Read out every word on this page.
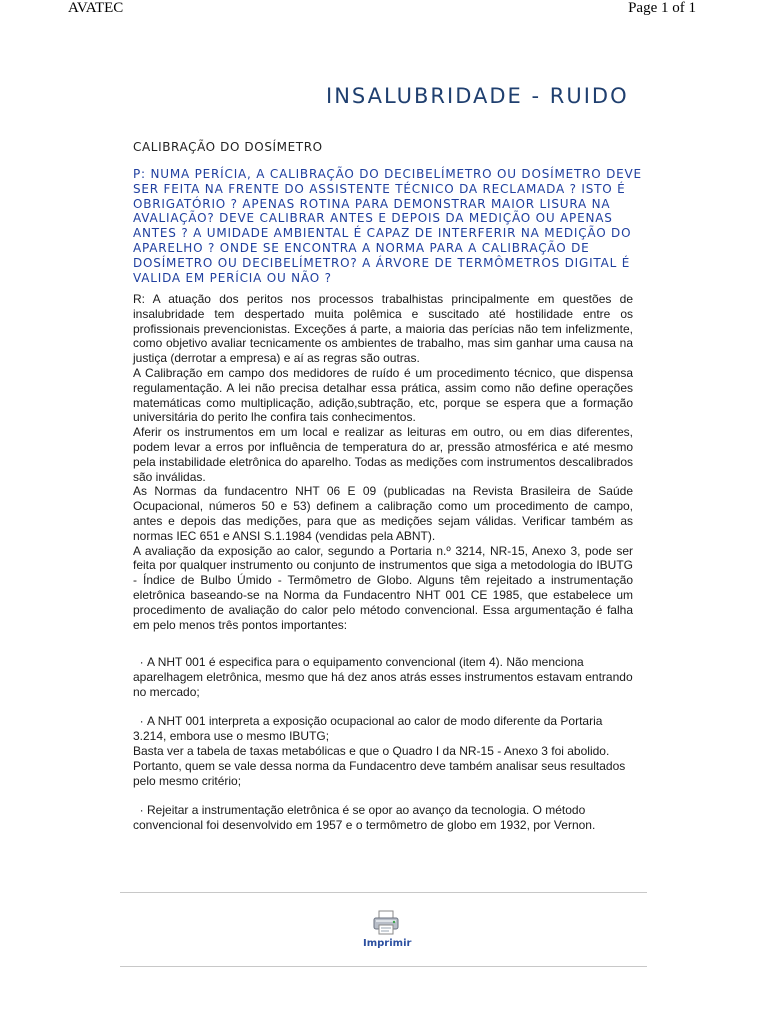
AVATEC	Page 1 of 1
INSALUBRIDADE - RUIDO
CALIBRAÇÃO DO DOSÍMETRO
P: NUMA PERÍCIA, A CALIBRAÇÃO DO DECIBELÍMETRO OU DOSÍMETRO DEVE SER FEITA NA FRENTE DO ASSISTENTE TÉCNICO DA RECLAMADA ? ISTO É OBRIGATÓRIO ? APENAS ROTINA PARA DEMONSTRAR MAIOR LISURA NA AVALIAÇÃO? DEVE CALIBRAR ANTES E DEPOIS DA MEDIÇÃO OU APENAS ANTES ? A UMIDADE AMBIENTAL É CAPAZ DE INTERFERIR NA MEDIÇÃO DO APARELHO ? ONDE SE ENCONTRA A NORMA PARA A CALIBRAÇÃO DE DOSÍMETRO OU DECIBELÍMETRO? A ÁRVORE DE TERMÔMETROS DIGITAL É VALIDA EM PERÍCIA OU NÃO ?

R: A atuação dos peritos nos processos trabalhistas principalmente em questões de insalubridade tem despertado muita polêmica e suscitado até hostilidade entre os profissionais prevencionistas. Exceções á parte, a maioria das perícias não tem infelizmente, como objetivo avaliar tecnicamente os ambientes de trabalho, mas sim ganhar uma causa na justiça (derrotar a empresa) e aí as regras são outras.

A Calibração em campo dos medidores de ruído é um procedimento técnico, que dispensa regulamentação. A lei não precisa detalhar essa prática, assim como não define operações matemáticas como multiplicação, adição,subtração, etc, porque se espera que a formação universitária do perito lhe confira tais conhecimentos.

Aferir os instrumentos em um local e realizar as leituras em outro, ou em dias diferentes, podem levar a erros por influência de temperatura do ar, pressão atmosférica e até mesmo pela instabilidade eletrônica do aparelho. Todas as medições com instrumentos descalibrados são inválidas.

As Normas da fundacentro NHT 06 E 09 (publicadas na Revista Brasileira de Saúde Ocupacional, números 50 e 53) definem a calibração como um procedimento de campo, antes e depois das medições, para que as medições sejam válidas. Verificar também as normas IEC 651 e ANSI S.1.1984 (vendidas pela ABNT).

A avaliação da exposição ao calor, segundo a Portaria n.º 3214, NR-15, Anexo 3, pode ser feita por qualquer instrumento ou conjunto de instrumentos que siga a metodologia do IBUTG - Índice de Bulbo Úmido - Termômetro de Globo. Alguns têm rejeitado a instrumentação eletrônica baseando-se na Norma da Fundacentro NHT 001 CE 1985, que estabelece um procedimento de avaliação do calor pelo método convencional. Essa argumentação é falha em pelo menos três pontos importantes:

· A NHT 001 é especifica para o equipamento convencional (item 4). Não menciona aparelhagem eletrônica, mesmo que há dez anos atrás esses instrumentos estavam entrando no mercado;

· A NHT 001 interpreta a exposição ocupacional ao calor de modo diferente da Portaria 3.214, embora use o mesmo IBUTG;

Basta ver a tabela de taxas metabólicas e que o Quadro I da NR-15 - Anexo 3 foi abolido. Portanto, quem se vale dessa norma da Fundacentro deve também analisar seus resultados pelo mesmo critério;

· Rejeitar a instrumentação eletrônica é se opor ao avanço da tecnologia. O método convencional foi desenvolvido em 1957 e o termômetro de globo em 1932, por Vernon.

Imprimir
